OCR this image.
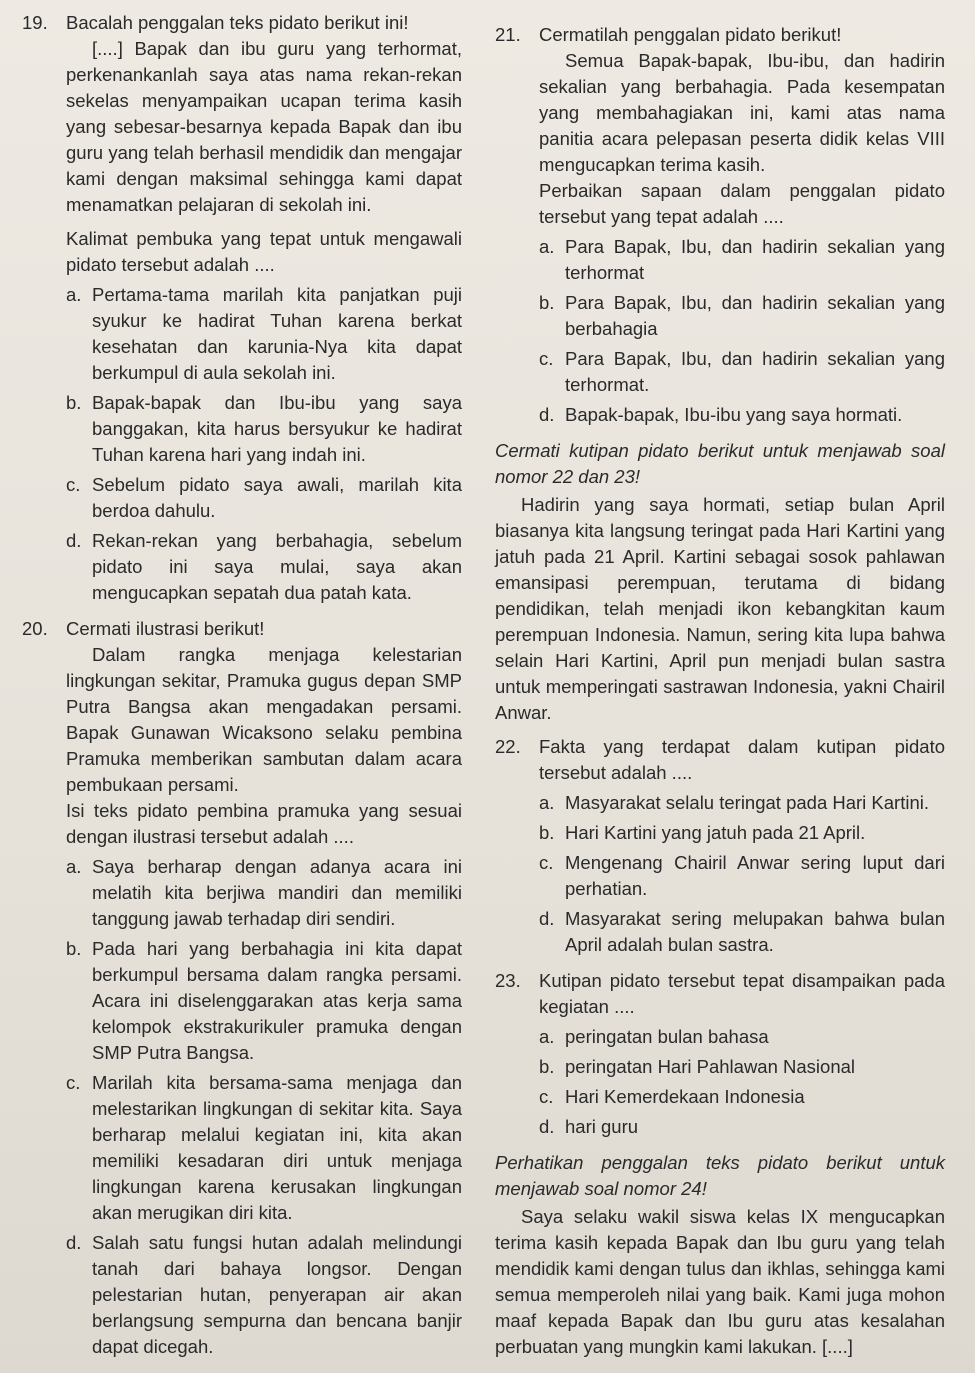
19. Bacalah penggalan teks pidato berikut ini!

[....] Bapak dan ibu guru yang terhormat, perkenankanlah saya atas nama rekan-rekan sekelas menyampaikan ucapan terima kasih yang sebesar-besarnya kepada Bapak dan ibu guru yang telah berhasil mendidik dan mengajar kami dengan maksimal sehingga kami dapat menamatkan pelajaran di sekolah ini.

Kalimat pembuka yang tepat untuk mengawali pidato tersebut adalah ....

a. Pertama-tama marilah kita panjatkan puji syukur ke hadirat Tuhan karena berkat kesehatan dan karunia-Nya kita dapat berkumpul di aula sekolah ini.
b. Bapak-bapak dan Ibu-ibu yang saya banggakan, kita harus bersyukur ke hadirat Tuhan karena hari yang indah ini.
c. Sebelum pidato saya awali, marilah kita berdoa dahulu.
d. Rekan-rekan yang berbahagia, sebelum pidato ini saya mulai, saya akan mengucapkan sepatah dua patah kata.
20. Cermati ilustrasi berikut!

Dalam rangka menjaga kelestarian lingkungan sekitar, Pramuka gugus depan SMP Putra Bangsa akan mengadakan persami. Bapak Gunawan Wicaksono selaku pembina Pramuka memberikan sambutan dalam acara pembukaan persami.

Isi teks pidato pembina pramuka yang sesuai dengan ilustrasi tersebut adalah ....

a. Saya berharap dengan adanya acara ini melatih kita berjiwa mandiri dan memiliki tanggung jawab terhadap diri sendiri.
b. Pada hari yang berbahagia ini kita dapat berkumpul bersama dalam rangka persami. Acara ini diselenggarakan atas kerja sama kelompok ekstrakurikuler pramuka dengan SMP Putra Bangsa.
c. Marilah kita bersama-sama menjaga dan melestarikan lingkungan di sekitar kita. Saya berharap melalui kegiatan ini, kita akan memiliki kesadaran diri untuk menjaga lingkungan karena kerusakan lingkungan akan merugikan diri kita.
d. Salah satu fungsi hutan adalah melindungi tanah dari bahaya longsor. Dengan pelestarian hutan, penyerapan air akan berlangsung sempurna dan bencana banjir dapat dicegah.
21. Cermatilah penggalan pidato berikut!

Semua Bapak-bapak, Ibu-ibu, dan hadirin sekalian yang berbahagia. Pada kesempatan yang membahagiakan ini, kami atas nama panitia acara pelepasan peserta didik kelas VIII mengucapkan terima kasih.

Perbaikan sapaan dalam penggalan pidato tersebut yang tepat adalah ....

a. Para Bapak, Ibu, dan hadirin sekalian yang terhormat
b. Para Bapak, Ibu, dan hadirin sekalian yang berbahagia
c. Para Bapak, Ibu, dan hadirin sekalian yang terhormat.
d. Bapak-bapak, Ibu-ibu yang saya hormati.

Cermati kutipan pidato berikut untuk menjawab soal nomor 22 dan 23!

Hadirin yang saya hormati, setiap bulan April biasanya kita langsung teringat pada Hari Kartini yang jatuh pada 21 April. Kartini sebagai sosok pahlawan emansipasi perempuan, terutama di bidang pendidikan, telah menjadi ikon kebangkitan kaum perempuan Indonesia. Namun, sering kita lupa bahwa selain Hari Kartini, April pun menjadi bulan sastra untuk memperingati sastrawan Indonesia, yakni Chairil Anwar.

22. Fakta yang terdapat dalam kutipan pidato tersebut adalah ....

a. Masyarakat selalu teringat pada Hari Kartini.
b. Hari Kartini yang jatuh pada 21 April.
c. Mengenang Chairil Anwar sering luput dari perhatian.
d. Masyarakat sering melupakan bahwa bulan April adalah bulan sastra.
23. Kutipan pidato tersebut tepat disampaikan pada kegiatan ....

a. peringatan bulan bahasa
b. peringatan Hari Pahlawan Nasional
c. Hari Kemerdekaan Indonesia
d. hari guru

Perhatikan penggalan teks pidato berikut untuk menjawab soal nomor 24!

Saya selaku wakil siswa kelas IX mengucapkan terima kasih kepada Bapak dan Ibu guru yang telah mendidik kami dengan tulus dan ikhlas, sehingga kami semua memperoleh nilai yang baik. Kami juga mohon maaf kepada Bapak dan Ibu guru atas kesalahan perbuatan yang mungkin kami lakukan. [....]
